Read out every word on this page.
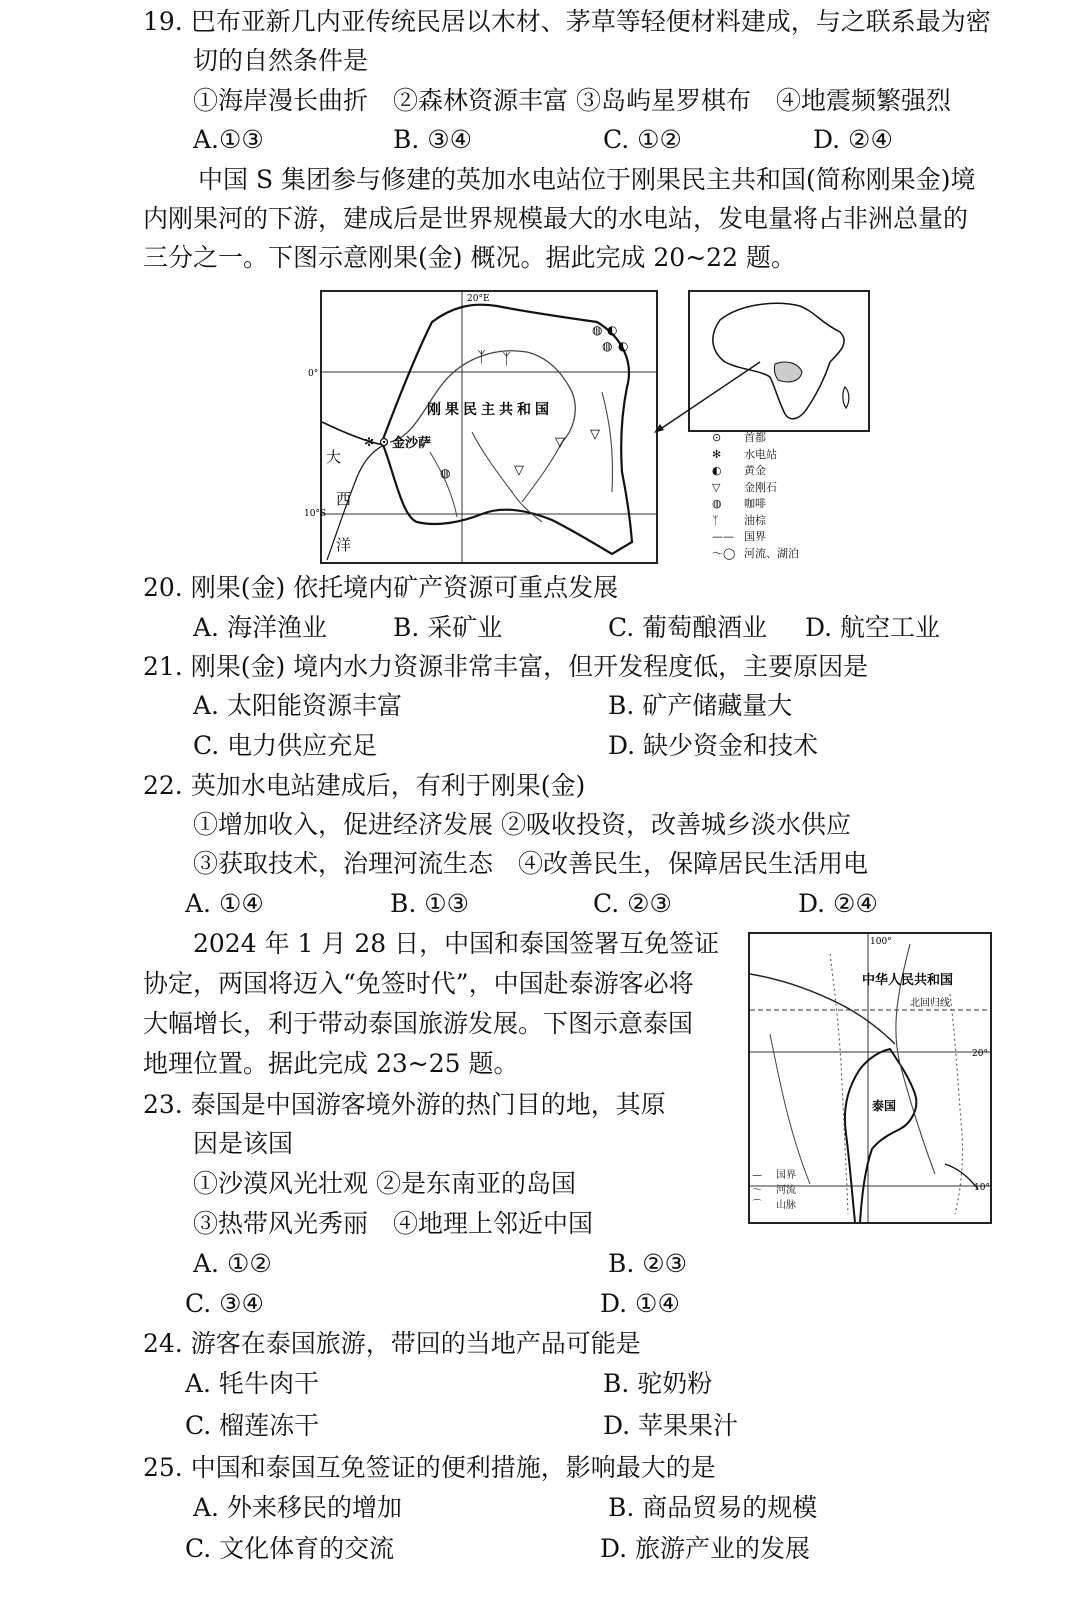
19. 巴布亚新几内亚传统民居以木材、茅草等轻便材料建成，与之联系最为密
切的自然条件是
①海岸漫长曲折　②森林资源丰富 ③岛屿星罗棋布　④地震频繁强烈
A.①③	B. ③④	C. ①②	D. ②④
中国 S 集团参与修建的英加水电站位于刚果民主共和国(简称刚果金)境
内刚果河的下游，建成后是世界规模最大的水电站，发电量将占非洲总量的
三分之一。下图示意刚果(金) 概况。据此完成 20~22 题。
20°E
0°
10°S
刚果民主共和国
✻ 金沙萨
大
西
洋
◍ ◐
◍ ◐
◍
ᛉ ᛉ
▽
▽
▽
⊙ 首都
✻ 水电站
◐ 黄金
▽ 金刚石
◍ 咖啡
ᛉ 油棕
—— 国界
〜◯ 河流、湖泊
20. 刚果(金) 依托境内矿产资源可重点发展
A. 海洋渔业	B. 采矿业	C. 葡萄酿酒业 D. 航空工业
21. 刚果(金) 境内水力资源非常丰富，但开发程度低，主要原因是
A. 太阳能资源丰富	B. 矿产储藏量大
C. 电力供应充足	D. 缺少资金和技术
22. 英加水电站建成后，有利于刚果(金)
①增加收入，促进经济发展 ②吸收投资，改善城乡淡水供应
③获取技术，治理河流生态　④改善民生，保障居民生活用电
A. ①④	B. ①③	C. ②③	D. ②④
2024 年 1 月 28 日，中国和泰国签署互免签证
协定，两国将迈入“免签时代”，中国赴泰游客必将
大幅增长，利于带动泰国旅游发展。下图示意泰国
地理位置。据此完成 23~25 题。
100°
20°
10°
中华人民共和国
北回归线
泰国
— 国界
〜 河流
⌒ 山脉
23. 泰国是中国游客境外游的热门目的地，其原
因是该国
①沙漠风光壮观 ②是东南亚的岛国
③热带风光秀丽　④地理上邻近中国
A. ①②	B. ②③
C. ③④	D. ①④
24. 游客在泰国旅游，带回的当地产品可能是
A. 牦牛肉干	B. 驼奶粉
C. 榴莲冻干	D. 苹果果汁
25. 中国和泰国互免签证的便利措施，影响最大的是
A. 外来移民的增加	B. 商品贸易的规模
C. 文化体育的交流	D. 旅游产业的发展
